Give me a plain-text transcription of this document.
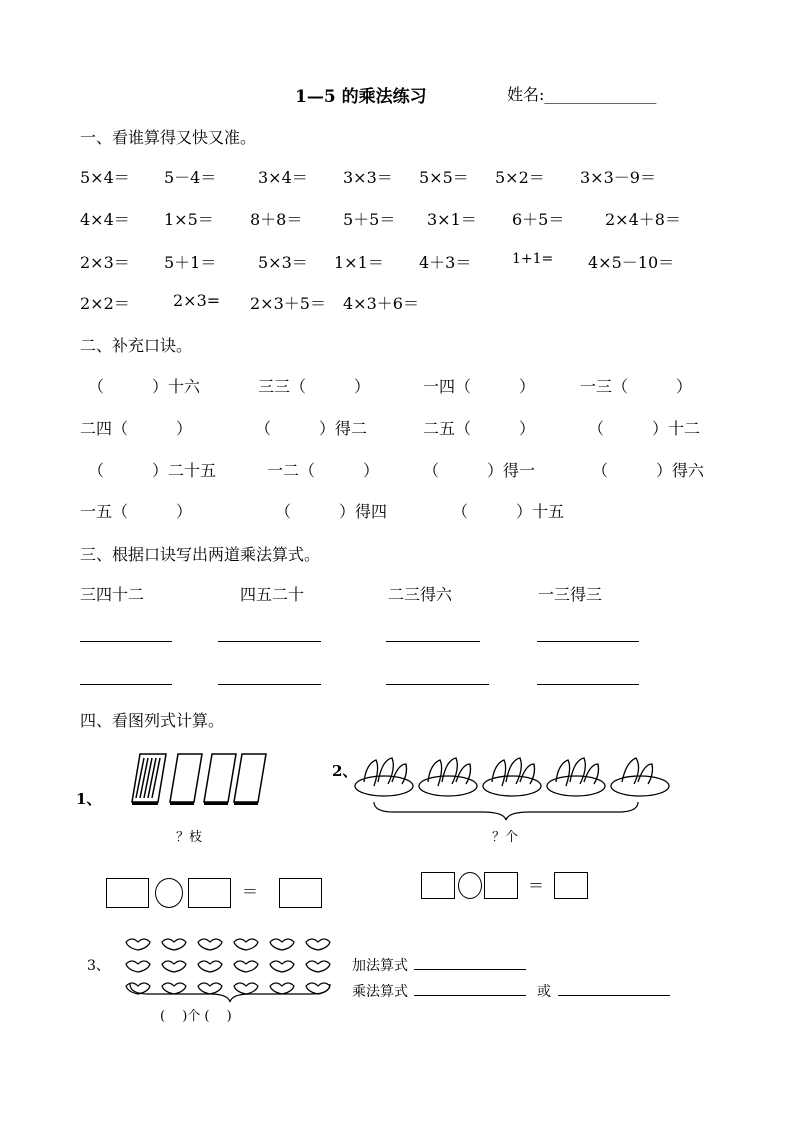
1—5 的乘法练习	姓名:______________
一、看谁算得又快又准。
5×4＝ 5－4＝	3×4＝ 3×3＝ 5×5＝ 5×2＝ 3×3－9＝
4×4＝ 1×5＝ 8＋8＝	5＋5＝ 3×1＝ 6＋5＝	2×4＋8＝
2×3＝ 5＋1＝	5×3＝ 1×1＝ 4＋3＝	1+1= 4×5－10＝
2×2＝	2×3= 2×3＋5＝ 4×3＋6＝
二、补充口诀。
（　　　）十六	三三（　　　）	一四（　　　）	一三（　　　）
二四（　　　）	（　　　）得二	二五（　　　）	（　　　）十二
（　　　）二十五	一二（　　　）	（　　　）得一	（　　　）得六
一五（　　　）	（　　　）得四	（　　　）十五
三、根据口诀写出两道乘法算式。
三四十二	四五二十	二三得六	一三得三
四、看图列式计算。
1、
？枝
2、
？个
＝	＝
3、
(　 )个 (　 )
加法算式
乘法算式	或
